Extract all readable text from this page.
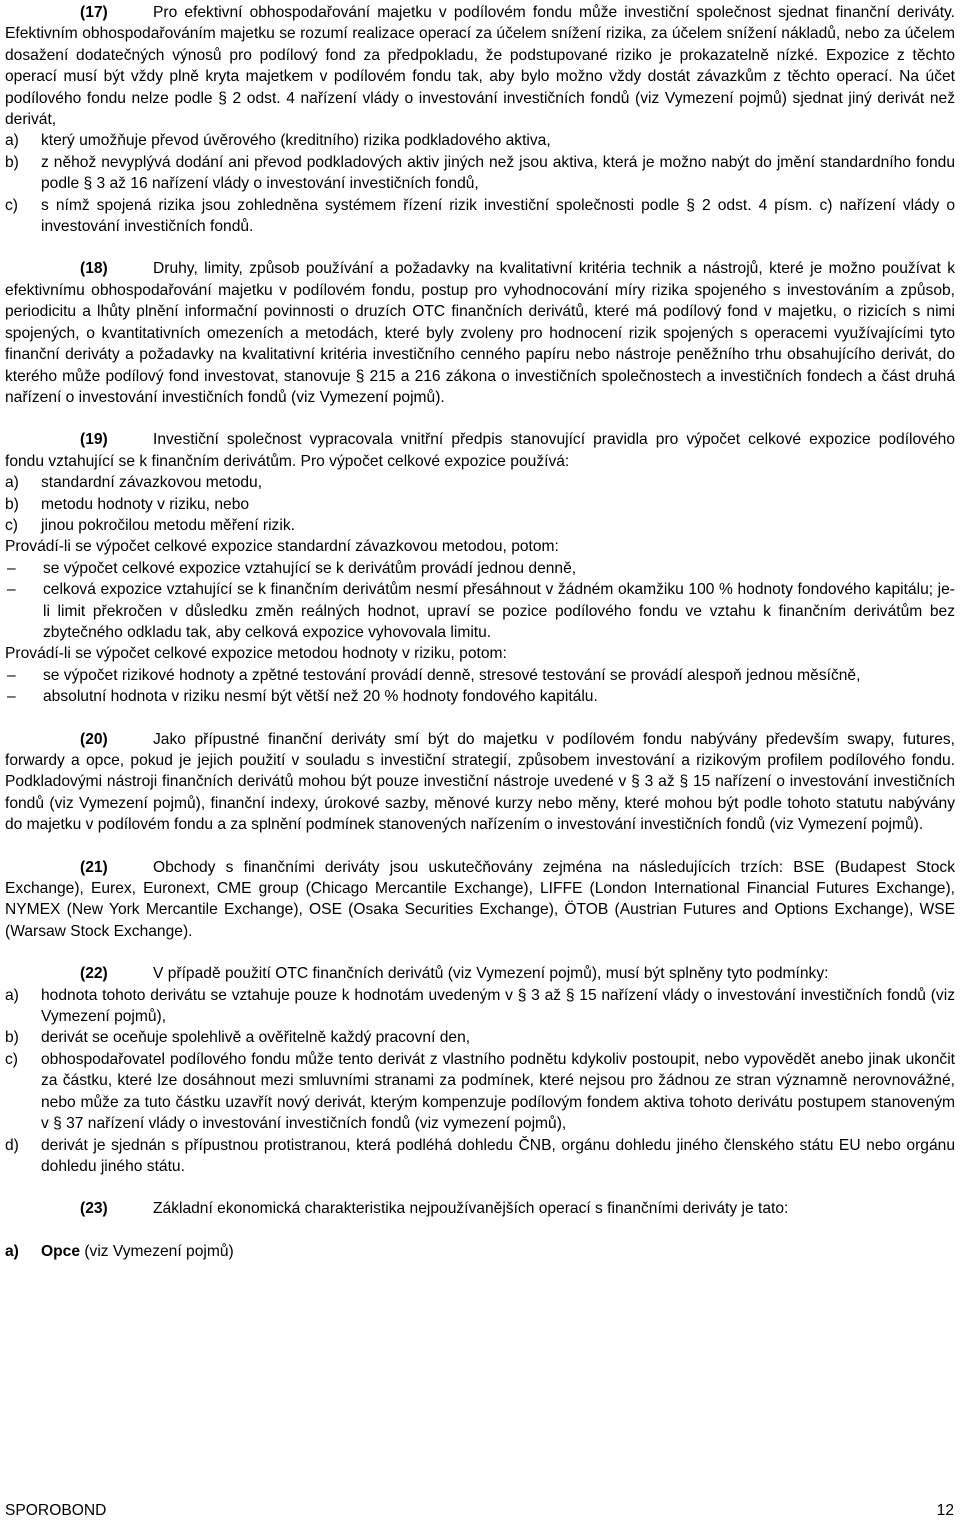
(17)	Pro efektivní obhospodařování majetku v podílovém fondu může investiční společnost sjednat finanční deriváty. Efektivním obhospodařováním majetku se rozumí realizace operací za účelem snížení rizika, za účelem snížení nákladů, nebo za účelem dosažení dodatečných výnosů pro podílový fond za předpokladu, že podstupované riziko je prokazatelně nízké. Expozice z těchto operací musí být vždy plně kryta majetkem v podílovém fondu tak, aby bylo možno vždy dostát závazkům z těchto operací. Na účet podílového fondu nelze podle § 2 odst. 4 nařízení vlády o investování investičních fondů (viz Vymezení pojmů) sjednat jiný derivát než derivát,

a)	který umožňuje převod úvěrového (kreditního) rizika podkladového aktiva,
b)	z něhož nevyplývá dodání ani převod podkladových aktiv jiných než jsou aktiva, která je možno nabýt do jmění standardního fondu podle § 3 až 16 nařízení vlády o investování investičních fondů,
c)	s nímž spojená rizika jsou zohledněna systémem řízení rizik investiční společnosti podle § 2 odst. 4 písm. c) nařízení vlády o investování investičních fondů.

(18)	Druhy, limity, způsob používání a požadavky na kvalitativní kritéria technik a nástrojů, které je možno používat k efektivnímu obhospodařování majetku v podílovém fondu, postup pro vyhodnocování míry rizika spojeného s investováním a způsob, periodicitu a lhůty plnění informační povinnosti o druzích OTC finančních derivátů, které má podílový fond v majetku, o rizicích s nimi spojených, o kvantitativních omezeních a metodách, které byly zvoleny pro hodnocení rizik spojených s operacemi využívajícími tyto finanční deriváty a požadavky na kvalitativní kritéria investičního cenného papíru nebo nástroje peněžního trhu obsahujícího derivát, do kterého může podílový fond investovat, stanovuje § 215 a 216 zákona o investičních společnostech a investičních fondech a část druhá nařízení o investování investičních fondů (viz Vymezení pojmů).

(19)	Investiční společnost vypracovala vnitřní předpis stanovující pravidla pro výpočet celkové expozice podílového fondu vztahující se k finančním derivátům. Pro výpočet celkové expozice používá:

a)	standardní závazkovou metodu,
b)	metodu hodnoty v riziku, nebo
c)	jinou pokročilou metodu měření rizik.

Provádí-li se výpočet celkové expozice standardní závazkovou metodou, potom:

–	se výpočet celkové expozice vztahující se k derivátům provádí jednou denně,
–	celková expozice vztahující se k finančním derivátům nesmí přesáhnout v žádném okamžiku 100 % hodnoty fondového kapitálu; je-li limit překročen v důsledku změn reálných hodnot, upraví se pozice podílového fondu ve vztahu k finančním derivátům bez zbytečného odkladu tak, aby celková expozice vyhovovala limitu.

Provádí-li se výpočet celkové expozice metodou hodnoty v riziku, potom:

–	se výpočet rizikové hodnoty a zpětné testování provádí denně, stresové testování se provádí alespoň jednou měsíčně,
–	absolutní hodnota v riziku nesmí být větší než 20 % hodnoty fondového kapitálu.

(20)	Jako přípustné finanční deriváty smí být do majetku v podílovém fondu nabývány především swapy, futures, forwardy a opce, pokud je jejich použití v souladu s investiční strategií, způsobem investování a rizikovým profilem podílového fondu. Podkladovými nástroji finančních derivátů mohou být pouze investiční nástroje uvedené v § 3 až § 15 nařízení o investování investičních fondů (viz Vymezení pojmů), finanční indexy, úrokové sazby, měnové kurzy nebo měny, které mohou být podle tohoto statutu nabývány do majetku v podílovém fondu a za splnění podmínek stanovených nařízením o investování investičních fondů (viz Vymezení pojmů).

(21)	Obchody s finančními deriváty jsou uskutečňovány zejména na následujících trzích: BSE (Budapest Stock Exchange), Eurex, Euronext, CME group (Chicago Mercantile Exchange), LIFFE (London International Financial Futures Exchange), NYMEX (New York Mercantile Exchange), OSE (Osaka Securities Exchange), ÖTOB (Austrian Futures and Options Exchange), WSE (Warsaw Stock Exchange).

(22)	V případě použití OTC finančních derivátů (viz Vymezení pojmů), musí být splněny tyto podmínky:

a)	hodnota tohoto derivátu se vztahuje pouze k hodnotám uvedeným v § 3 až § 15 nařízení vlády o investování investičních fondů (viz Vymezení pojmů),
b)	derivát se oceňuje spolehlivě a ověřitelně každý pracovní den,
c)	obhospodařovatel podílového fondu může tento derivát z vlastního podnětu kdykoliv postoupit, nebo vypovědět anebo jinak ukončit za částku, které lze dosáhnout mezi smluvními stranami za podmínek, které nejsou pro žádnou ze stran významně nerovnovážné, nebo může za tuto částku uzavřít nový derivát, kterým kompenzuje podílovým fondem aktiva tohoto derivátu postupem stanoveným v § 37 nařízení vlády o investování investičních fondů (viz vymezení pojmů),
d)	derivát je sjednán s přípustnou protistranou, která podléhá dohledu ČNB, orgánu dohledu jiného členského státu EU nebo orgánu dohledu jiného státu.

(23)	Základní ekonomická charakteristika nejpoužívanějších operací s finančními deriváty je tato:

a)	Opce (viz Vymezení pojmů)
SPOROBOND	12
